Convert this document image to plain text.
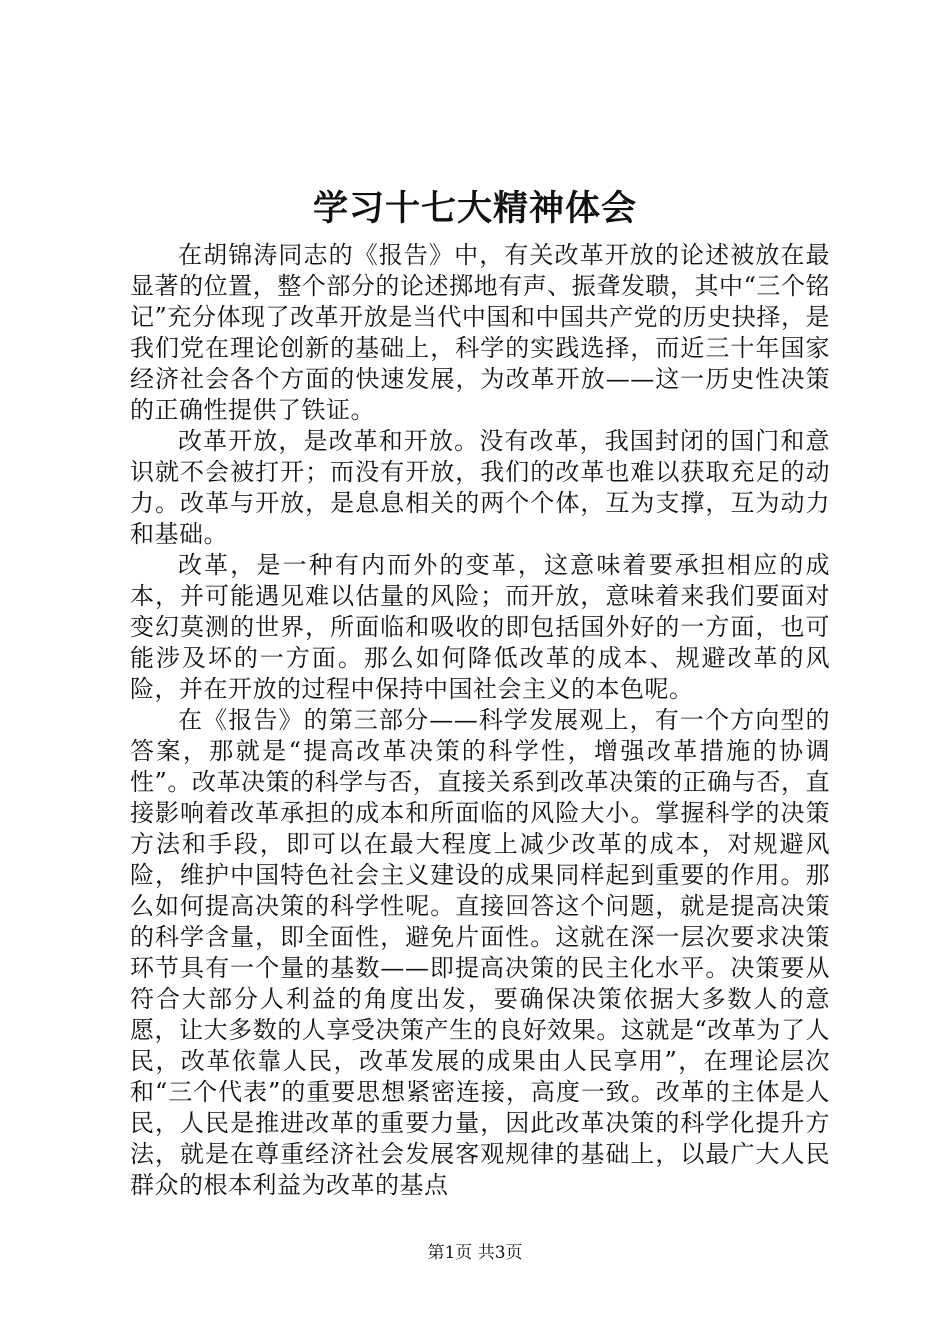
学习十七大精神体会

在胡锦涛同志的《报告》中，有关改革开放的论述被放在最显著的位置，整个部分的论述掷地有声、振聋发聩，其中“三个铭记”充分体现了改革开放是当代中国和中国共产党的历史抉择，是我们党在理论创新的基础上，科学的实践选择，而近三十年国家经济社会各个方面的快速发展，为改革开放——这一历史性决策的正确性提供了铁证。

改革开放，是改革和开放。没有改革，我国封闭的国门和意识就不会被打开；而没有开放，我们的改革也难以获取充足的动力。改革与开放，是息息相关的两个个体，互为支撑，互为动力和基础。

改革，是一种有内而外的变革，这意味着要承担相应的成本，并可能遇见难以估量的风险；而开放，意味着来我们要面对变幻莫测的世界，所面临和吸收的即包括国外好的一方面，也可能涉及坏的一方面。那么如何降低改革的成本、规避改革的风险，并在开放的过程中保持中国社会主义的本色呢。

在《报告》的第三部分——科学发展观上，有一个方向型的答案，那就是“提高改革决策的科学性，增强改革措施的协调性”。改革决策的科学与否，直接关系到改革决策的正确与否，直接影响着改革承担的成本和所面临的风险大小。掌握科学的决策方法和手段，即可以在最大程度上减少改革的成本，对规避风险，维护中国特色社会主义建设的成果同样起到重要的作用。那么如何提高决策的科学性呢。直接回答这个问题，就是提高决策的科学含量，即全面性，避免片面性。这就在深一层次要求决策环节具有一个量的基数——即提高决策的民主化水平。决策要从符合大部分人利益的角度出发，要确保决策依据大多数人的意愿，让大多数的人享受决策产生的良好效果。这就是“改革为了人民，改革依靠人民，改革发展的成果由人民享用”，在理论层次和“三个代表”的重要思想紧密连接，高度一致。改革的主体是人民，人民是推进改革的重要力量，因此改革决策的科学化提升方法，就是在尊重经济社会发展客观规律的基础上，以最广大人民群众的根本利益为改革的基点

第1页 共3页
